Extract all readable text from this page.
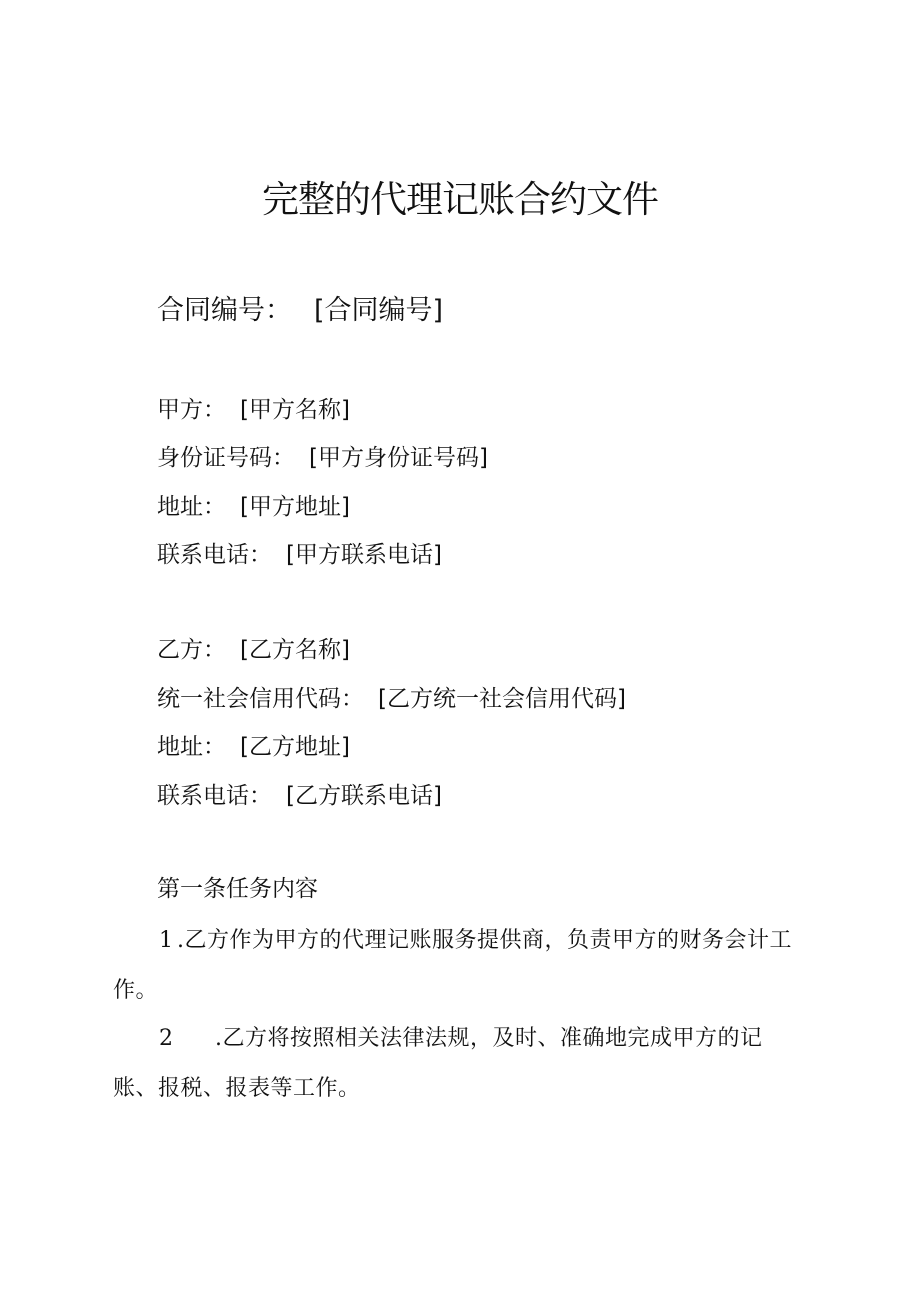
完整的代理记账合约文件
合同编号： [合同编号]
甲方： [甲方名称]
身份证号码： [甲方身份证号码]
地址： [甲方地址]
联系电话： [甲方联系电话]
乙方： [乙方名称]
统一社会信用代码： [乙方统一社会信用代码]
地址： [乙方地址]
联系电话： [乙方联系电话]
第一条任务内容
1 .乙方作为甲方的代理记账服务提供商，负责甲方的财务会计工作。
2 .乙方将按照相关法律法规，及时、准确地完成甲方的记账、报税、报表等工作。
